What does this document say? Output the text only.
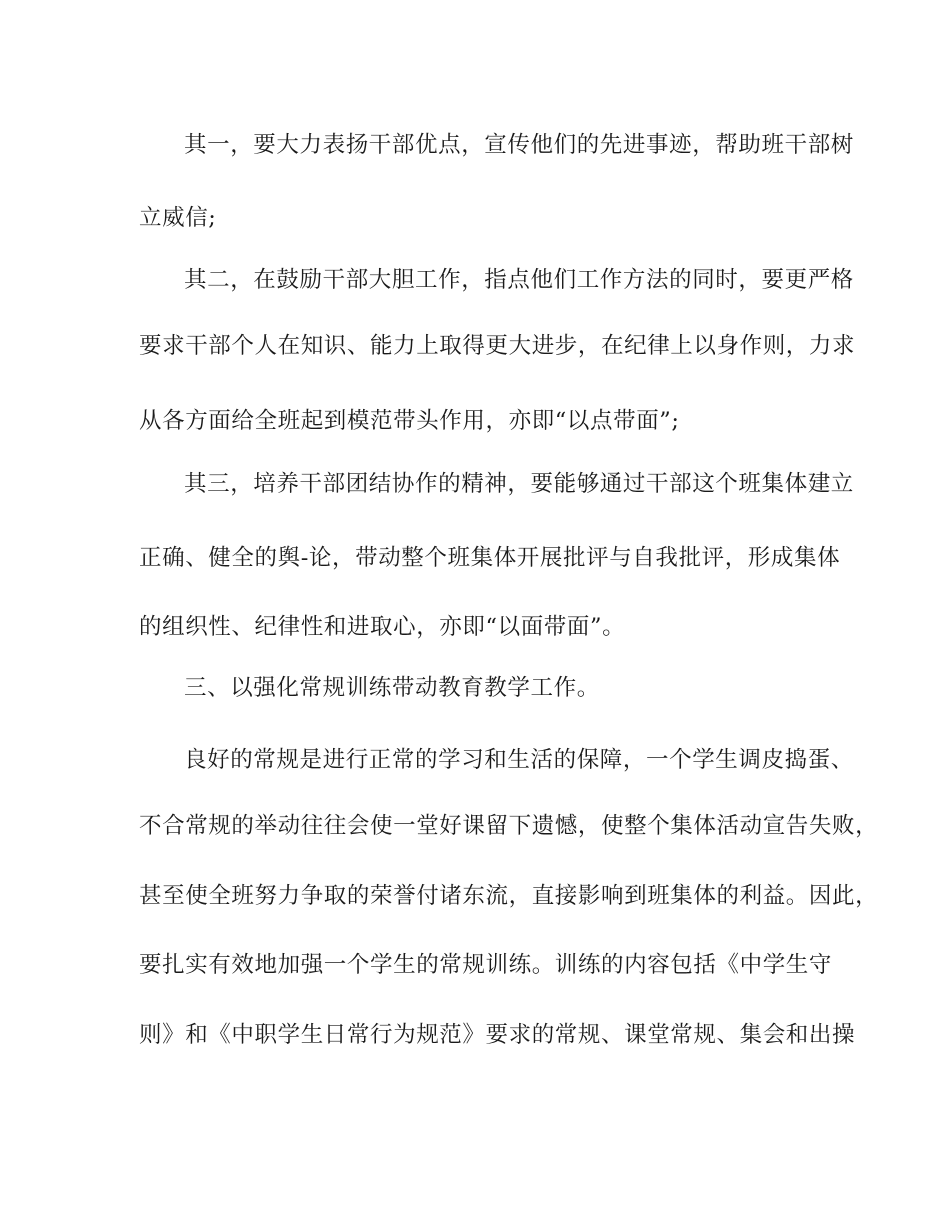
其一，要大力表扬干部优点，宣传他们的先进事迹，帮助班干部树
立威信;
其二，在鼓励干部大胆工作，指点他们工作方法的同时，要更严格
要求干部个人在知识、能力上取得更大进步，在纪律上以身作则，力求
从各方面给全班起到模范带头作用，亦即“以点带面”;
其三，培养干部团结协作的精神，要能够通过干部这个班集体建立
正确、健全的舆-论，带动整个班集体开展批评与自我批评，形成集体
的组织性、纪律性和进取心，亦即“以面带面”。
三、以强化常规训练带动教育教学工作。
良好的常规是进行正常的学习和生活的保障，一个学生调皮捣蛋、
不合常规的举动往往会使一堂好课留下遗憾，使整个集体活动宣告失败，
甚至使全班努力争取的荣誉付诸东流，直接影响到班集体的利益。因此，
要扎实有效地加强一个学生的常规训练。训练的内容包括《中学生守
则》和《中职学生日常行为规范》要求的常规、课堂常规、集会和出操
